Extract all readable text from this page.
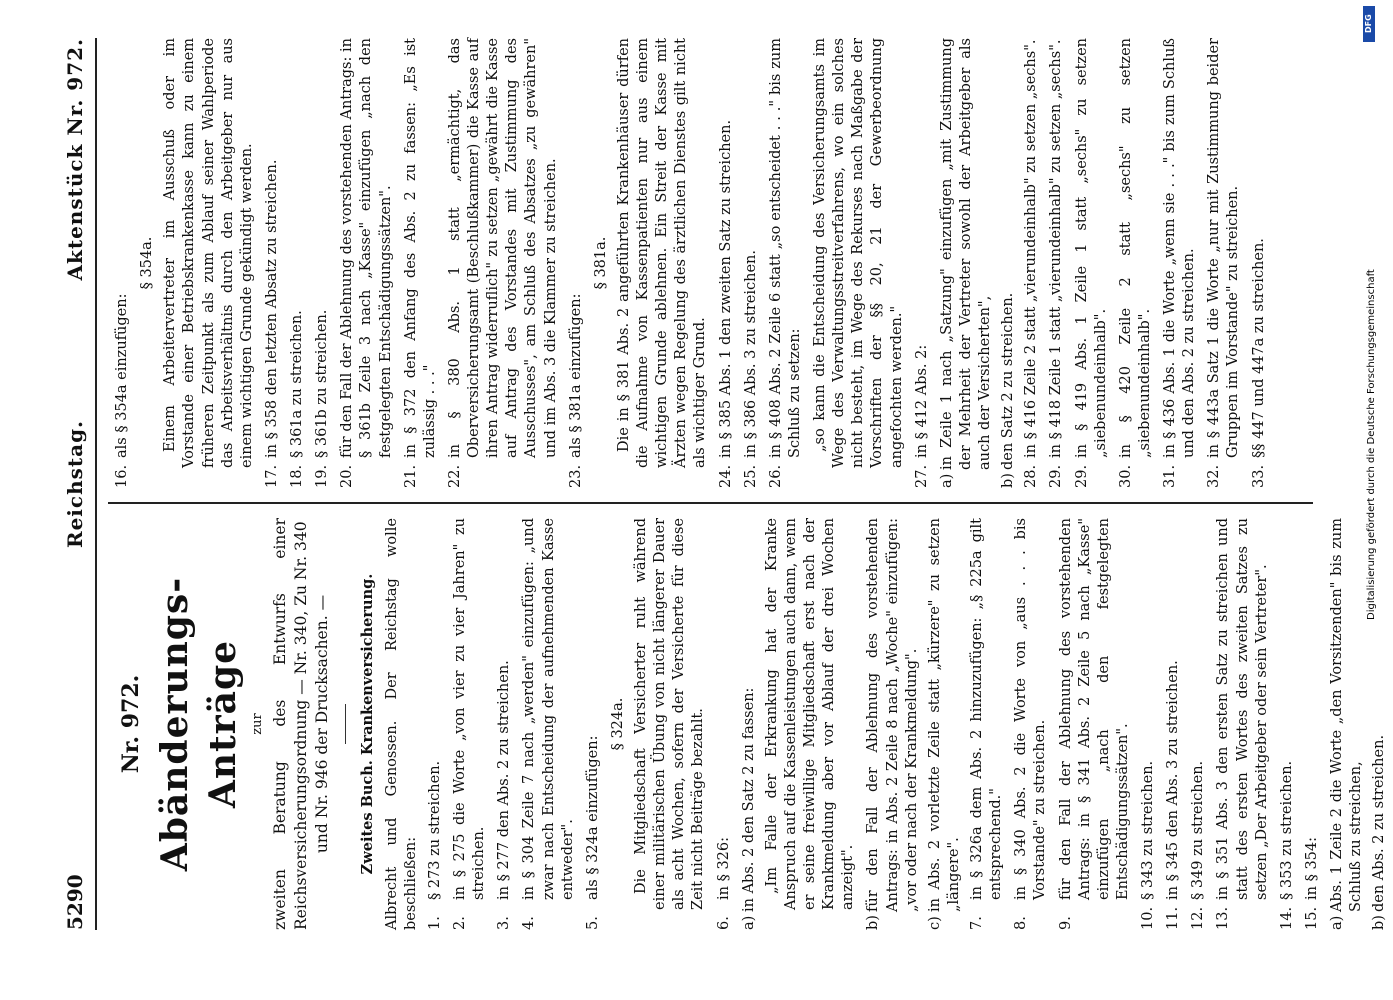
5290
Reichstag.
Aktenstück Nr. 972.
Nr. 972. Abänderungs-Anträge zur zweiten Beratung des Entwurfs einer Reichsversicherungsordnung — Nr. 340, Zu Nr. 340 und Nr. 946 der Drucksachen. — Zweites Buch. Krankenversicherung. Albrecht und Genossen. Der Reichstag wolle beschließen: 1.
§ 273 zu streichen.
2.
in § 275 die Worte „von vier zu vier Jahren" zu streichen.
3.
in § 277 den Abs. 2 zu streichen.
4.
in § 304 Zeile 7 nach „werden" einzufügen: „und zwar nach Entscheidung der aufnehmenden Kasse entweder".
5.
als § 324a einzufügen:
§ 324a. Die Mitgliedschaft Versicherter ruht während einer militärischen Übung von nicht längerer Dauer als acht Wochen, sofern der Versicherte für diese Zeit nicht Beiträge bezahlt.
6.
in § 326:
a)
in Abs. 2 den Satz 2 zu fassen: „Im Falle der Erkrankung hat der Kranke Anspruch auf die Kassenleistungen auch dann, wenn er seine freiwillige Mitgliedschaft erst nach der Krankmeldung aber vor Ablauf der drei Wochen anzeigt".
b)
für den Fall der Ablehnung des vorstehenden Antrags: in Abs. 2 Zeile 8 nach „Woche" einzufügen: „vor oder nach der Krankmeldung".
c)
in Abs. 2 vorletzte Zeile statt „kürzere" zu setzen „längere".
7.
in § 326a dem Abs. 2 hinzuzufügen: „§ 225a gilt entsprechend."
8.
in § 340 Abs. 2 die Worte von „aus . . . bis Vorstande" zu streichen.
9.
für den Fall der Ablehnung des vorstehenden Antrags: in § 341 Abs. 2 Zeile 5 nach „Kasse" einzufügen „nach den festgelegten Entschädigungssätzen".
10.
§ 343 zu streichen.
11.
in § 345 den Abs. 3 zu streichen.
12.
§ 349 zu streichen.
13.
in § 351 Abs. 3 den ersten Satz zu streichen und statt des ersten Wortes des zweiten Satzes zu setzen „Der Arbeitgeber oder sein Vertreter".
14.
§ 353 zu streichen.
15.
in § 354:
a)
Abs. 1 Zeile 2 die Worte „den Vorsitzenden" bis zum Schluß zu streichen,
b)
den Abs. 2 zu streichen.
16.
als § 354a einzufügen:
§ 354a. Einem Arbeitervertreter im Ausschuß oder im Vorstande einer Betriebskrankenkasse kann zu einem früheren Zeitpunkt als zum Ablauf seiner Wahlperiode das Arbeitsverhältnis durch den Arbeitgeber nur aus einem wichtigen Grunde gekündigt werden.
17.
in § 358 den letzten Absatz zu streichen.
18.
§ 361a zu streichen.
19.
§ 361b zu streichen.
20.
für den Fall der Ablehnung des vorstehenden Antrags: in § 361b Zeile 3 nach „Kasse" einzufügen „nach den festgelegten Entschädigungssätzen".
21.
in § 372 den Anfang des Abs. 2 zu fassen: „Es ist zulässig . . ."
22.
in § 380 Abs. 1 statt „ermächtigt, das Oberversicherungsamt (Beschlußkammer) die Kasse auf ihren Antrag widerruflich" zu setzen „gewährt die Kasse auf Antrag des Vorstandes mit Zustimmung des Ausschusses", am Schluß des Absatzes „zu gewähren" und im Abs. 3 die Klammer zu streichen.
23.
als § 381a einzufügen:
§ 381a. Die in § 381 Abs. 2 angeführten Krankenhäuser dürfen die Aufnahme von Kassenpatienten nur aus einem wichtigen Grunde ablehnen. Ein Streit der Kasse mit Ärzten wegen Regelung des ärztlichen Dienstes gilt nicht als wichtiger Grund.
24.
in § 385 Abs. 1 den zweiten Satz zu streichen.
25.
in § 386 Abs. 3 zu streichen.
26.
in § 408 Abs. 2 Zeile 6 statt „so entscheidet . . ." bis zum Schluß zu setzen: „so kann die Entscheidung des Versicherungsamts im Wege des Verwaltungsstreitverfahrens, wo ein solches nicht besteht, im Wege des Rekurses nach Maßgabe der Vorschriften der §§ 20, 21 der Gewerbeordnung angefochten werden."
27.
in § 412 Abs. 2:
a)
in Zeile 1 nach „Satzung" einzufügen „mit Zustimmung der Mehrheit der Vertreter sowohl der Arbeitgeber als auch der Versicherten",
b)
den Satz 2 zu streichen.
28.
in § 416 Zeile 2 statt „vierundeinhalb" zu setzen „sechs".
29.
in § 418 Zeile 1 statt „vierundeinhalb" zu setzen „sechs".
29.
in § 419 Abs. 1 Zeile 1 statt „sechs" zu setzen „siebenundeinhalb".
30.
in § 420 Zeile 2 statt „sechs" zu setzen „siebenundeinhalb".
31.
in § 436 Abs. 1 die Worte „wenn sie . . ." bis zum Schluß und den Abs. 2 zu streichen.
32.
in § 443a Satz 1 die Worte „nur mit Zustimmung beider Gruppen im Vorstande" zu streichen.
33.
§§ 447 und 447a zu streichen.
DFG
Digitalisierung gefördert durch die Deutsche Forschungsgemeinschaft
